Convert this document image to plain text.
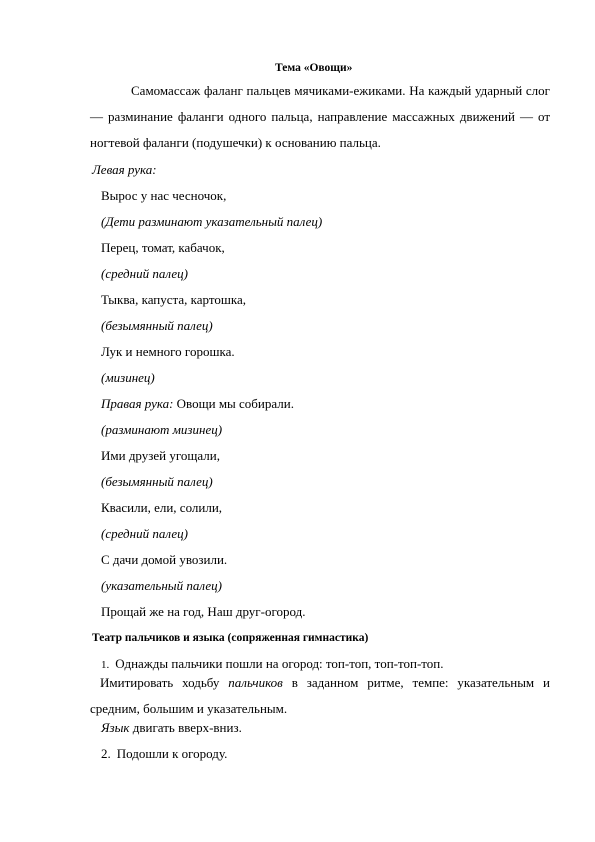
Тема «Овощи»
Самомассаж фаланг пальцев мячиками-ежиками. На каждый ударный слог — разминание фаланги одного пальца, направление массажных движений — от ногтевой фаланги (подушечки) к основанию пальца.
Левая рука:
Вырос у нас чесночок,
(Дети разминают указательный палец)
Перец, томат, кабачок,
(средний палец)
Тыква, капуста, картошка,
(безымянный палец)
Лук и немного горошка.
(мизинец)
Правая рука: Овощи мы собирали.
(разминают мизинец)
Ими друзей угощали,
(безымянный палец)
Квасили, ели, солили,
(средний палец)
С дачи домой увозили.
(указательный палец)
Прощай же на год, Наш друг-огород.
Театр пальчиков и языка (сопряженная гимнастика)
1. Однажды пальчики пошли на огород: топ-топ, топ-топ-топ.
Имитировать ходьбу пальчиков в заданном ритме, темпе: указательным и средним, большим и указательным.
Язык двигать вверх-вниз.
2. Подошли к огороду.
